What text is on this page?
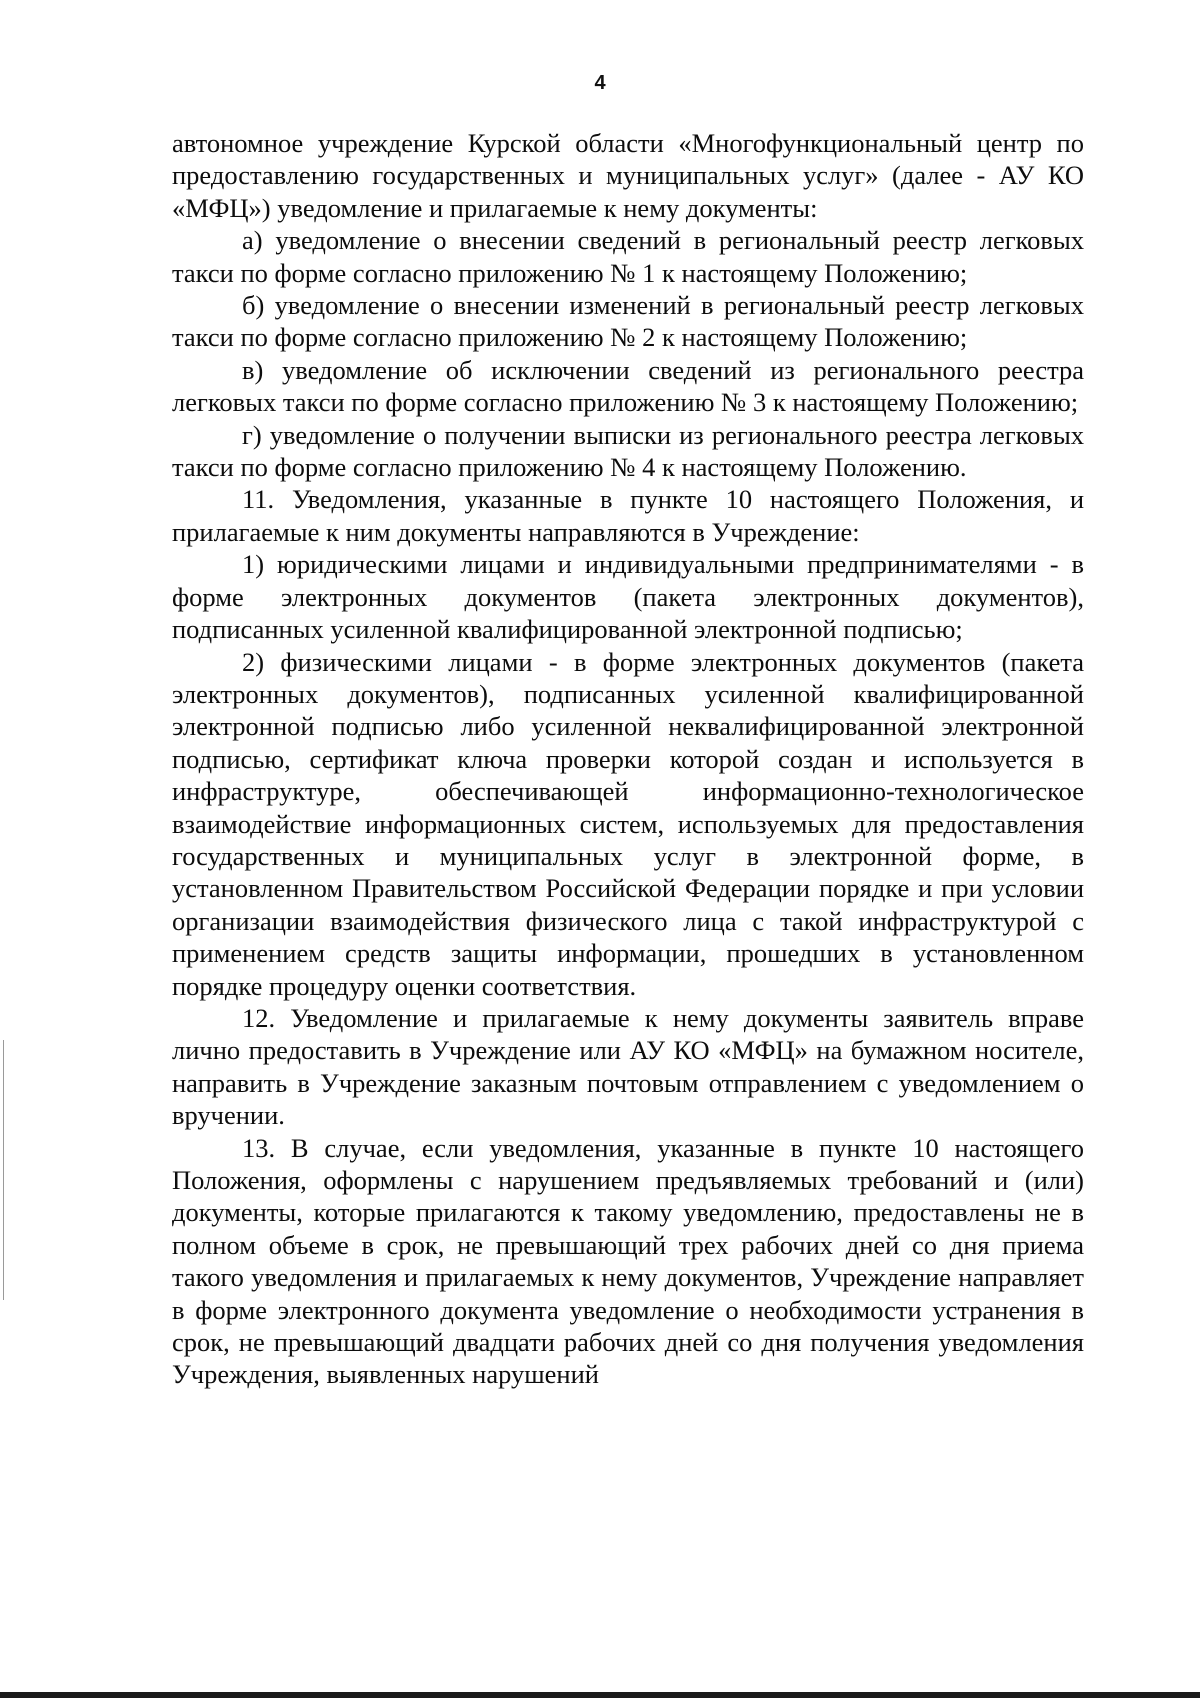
4

автономное учреждение Курской области «Многофункциональный центр по предоставлению государственных и муниципальных услуг» (далее - АУ КО «МФЦ») уведомление и прилагаемые к нему документы:

а) уведомление о внесении сведений в региональный реестр легковых такси по форме согласно приложению № 1 к настоящему Положению;

б) уведомление о внесении изменений в региональный реестр легковых такси по форме согласно приложению № 2 к настоящему Положению;

в) уведомление об исключении сведений из регионального реестра легковых такси по форме согласно приложению № 3 к настоящему Положению;

г) уведомление о получении выписки из регионального реестра легковых такси по форме согласно приложению № 4 к настоящему Положению.

11. Уведомления, указанные в пункте 10 настоящего Положения, и прилагаемые к ним документы направляются в Учреждение:

1) юридическими лицами и индивидуальными предпринимателями - в форме электронных документов (пакета электронных документов), подписанных усиленной квалифицированной электронной подписью;

2) физическими лицами - в форме электронных документов (пакета электронных документов), подписанных усиленной квалифицированной электронной подписью либо усиленной неквалифицированной электронной подписью, сертификат ключа проверки которой создан и используется в инфраструктуре, обеспечивающей информационно-технологическое взаимодействие информационных систем, используемых для предоставления государственных и муниципальных услуг в электронной форме, в установленном Правительством Российской Федерации порядке и при условии организации взаимодействия физического лица с такой инфраструктурой с применением средств защиты информации, прошедших в установленном порядке процедуру оценки соответствия.

12. Уведомление и прилагаемые к нему документы заявитель вправе лично предоставить в Учреждение или АУ КО «МФЦ» на бумажном носителе, направить в Учреждение заказным почтовым отправлением с уведомлением о вручении.

13. В случае, если уведомления, указанные в пункте 10 настоящего Положения, оформлены с нарушением предъявляемых требований и (или) документы, которые прилагаются к такому уведомлению, предоставлены не в полном объеме в срок, не превышающий трех рабочих дней со дня приема такого уведомления и прилагаемых к нему документов, Учреждение направляет в форме электронного документа уведомление о необходимости устранения в срок, не превышающий двадцати рабочих дней со дня получения уведомления Учреждения, выявленных нарушений
